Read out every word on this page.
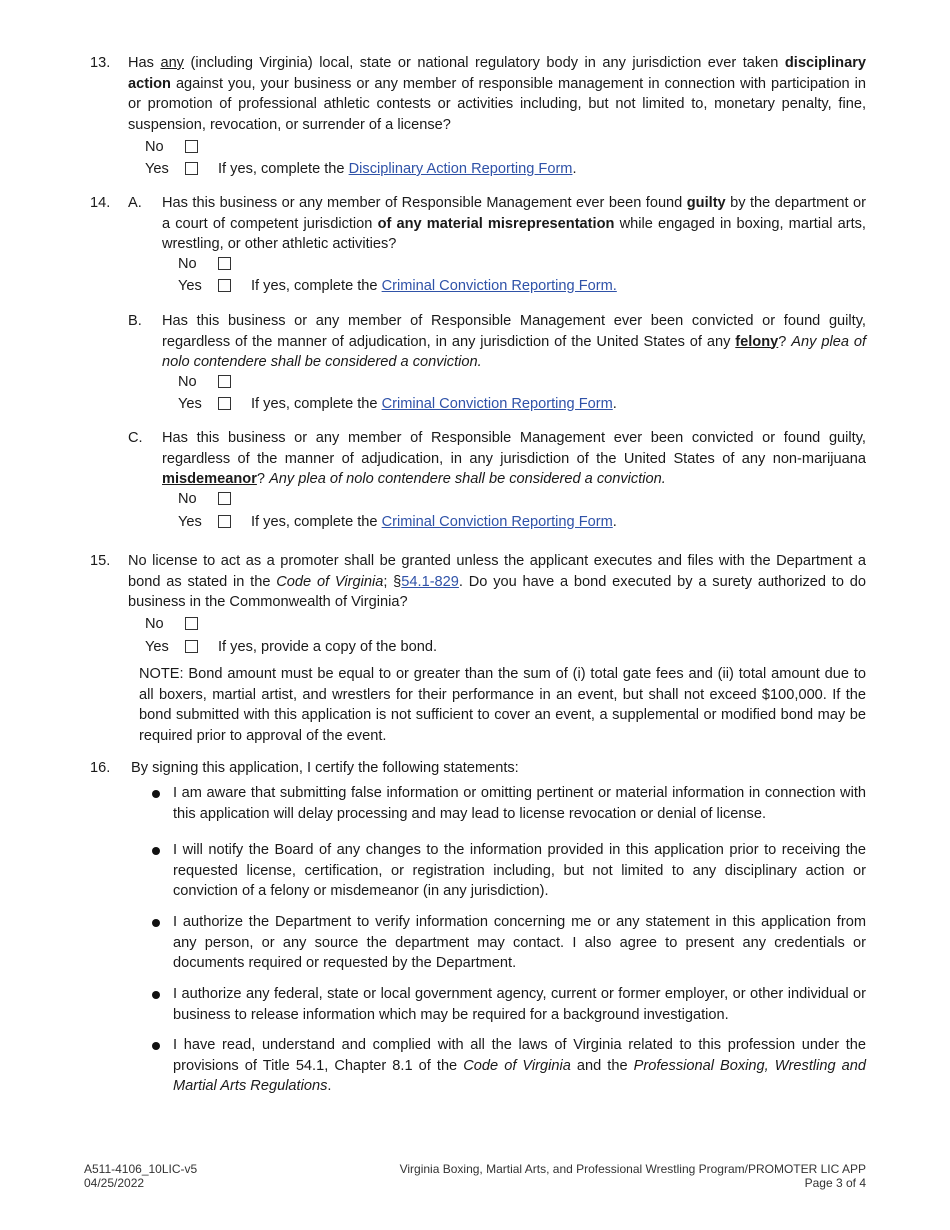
13. Has any (including Virginia) local, state or national regulatory body in any jurisdiction ever taken disciplinary action against you, your business or any member of responsible management in connection with participation in or promotion of professional athletic contests or activities including, but not limited to, monetary penalty, fine, suspension, revocation, or surrender of a license?
No
Yes	If yes, complete the Disciplinary Action Reporting Form.
14. A. Has this business or any member of Responsible Management ever been found guilty by the department or a court of competent jurisdiction of any material misrepresentation while engaged in boxing, martial arts, wrestling, or other athletic activities?
No
Yes	If yes, complete the Criminal Conviction Reporting Form.
B. Has this business or any member of Responsible Management ever been convicted or found guilty, regardless of the manner of adjudication, in any jurisdiction of the United States of any felony? Any plea of nolo contendere shall be considered a conviction.
No
Yes	If yes, complete the Criminal Conviction Reporting Form.
C. Has this business or any member of Responsible Management ever been convicted or found guilty, regardless of the manner of adjudication, in any jurisdiction of the United States of any non-marijuana misdemeanor? Any plea of nolo contendere shall be considered a conviction.
No
Yes	If yes, complete the Criminal Conviction Reporting Form.
15. No license to act as a promoter shall be granted unless the applicant executes and files with the Department a bond as stated in the Code of Virginia; §54.1-829. Do you have a bond executed by a surety authorized to do business in the Commonwealth of Virginia?
No
Yes	If yes, provide a copy of the bond.
NOTE: Bond amount must be equal to or greater than the sum of (i) total gate fees and (ii) total amount due to all boxers, martial artist, and wrestlers for their performance in an event, but shall not exceed $100,000. If the bond submitted with this application is not sufficient to cover an event, a supplemental or modified bond may be required prior to approval of the event.
16. By signing this application, I certify the following statements:
I am aware that submitting false information or omitting pertinent or material information in connection with this application will delay processing and may lead to license revocation or denial of license.
I will notify the Board of any changes to the information provided in this application prior to receiving the requested license, certification, or registration including, but not limited to any disciplinary action or conviction of a felony or misdemeanor (in any jurisdiction).
I authorize the Department to verify information concerning me or any statement in this application from any person, or any source the department may contact. I also agree to present any credentials or documents required or requested by the Department.
I authorize any federal, state or local government agency, current or former employer, or other individual or business to release information which may be required for a background investigation.
I have read, understand and complied with all the laws of Virginia related to this profession under the provisions of Title 54.1, Chapter 8.1 of the Code of Virginia and the Professional Boxing, Wrestling and Martial Arts Regulations.
A511-4106_10LIC-v5
04/25/2022
Virginia Boxing, Martial Arts, and Professional Wrestling Program/PROMOTER LIC APP
Page 3 of 4
